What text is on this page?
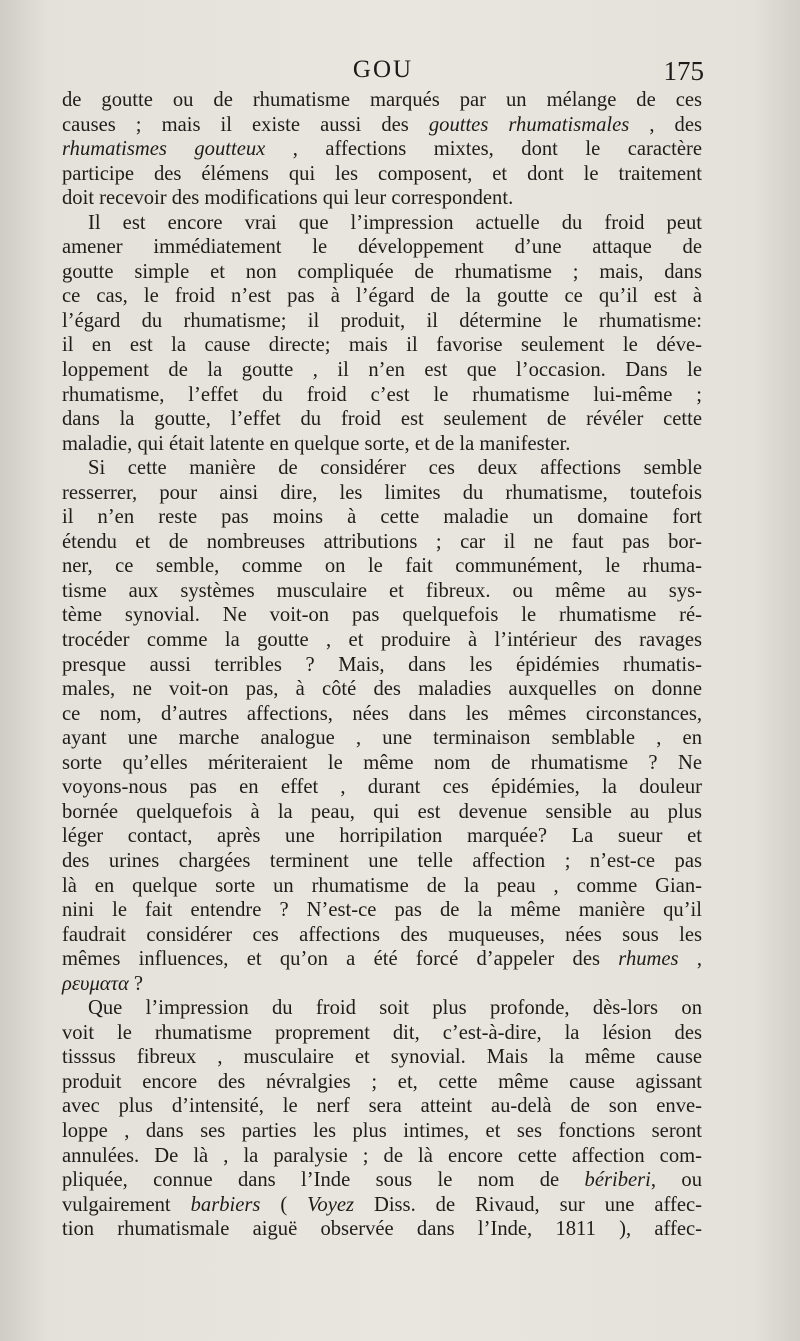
GOU	175
de goutte ou de rhumatisme marqués par un mélange de ces
causes ; mais il existe aussi des gouttes rhumatismales , des
rhumatismes goutteux , affections mixtes, dont le caractère
participe des élémens qui les composent, et dont le traitement
doit recevoir des modifications qui leur correspondent.
Il est encore vrai que l’impression actuelle du froid peut
amener immédiatement le développement d’une attaque de
goutte simple et non compliquée de rhumatisme ; mais, dans
ce cas, le froid n’est pas à l’égard de la goutte ce qu’il est à
l’égard du rhumatisme; il produit, il détermine le rhumatisme:
il en est la cause directe; mais il favorise seulement le déve-
loppement de la goutte , il n’en est que l’occasion. Dans le
rhumatisme, l’effet du froid c’est le rhumatisme lui-même ;
dans la goutte, l’effet du froid est seulement de révéler cette
maladie, qui était latente en quelque sorte, et de la manifester.
Si cette manière de considérer ces deux affections semble
resserrer, pour ainsi dire, les limites du rhumatisme, toutefois
il n’en reste pas moins à cette maladie un domaine fort
étendu et de nombreuses attributions ; car il ne faut pas bor-
ner, ce semble, comme on le fait communément, le rhuma-
tisme aux systèmes musculaire et fibreux. ou même au sys-
tème synovial. Ne voit-on pas quelquefois le rhumatisme ré-
trocéder comme la goutte , et produire à l’intérieur des ravages
presque aussi terribles ? Mais, dans les épidémies rhumatis-
males, ne voit-on pas, à côté des maladies auxquelles on donne
ce nom, d’autres affections, nées dans les mêmes circonstances,
ayant une marche analogue , une terminaison semblable , en
sorte qu’elles mériteraient le même nom de rhumatisme ? Ne
voyons-nous pas en effet , durant ces épidémies, la douleur
bornée quelquefois à la peau, qui est devenue sensible au plus
léger contact, après une horripilation marquée? La sueur et
des urines chargées terminent une telle affection ; n’est-ce pas
là en quelque sorte un rhumatisme de la peau , comme Gian-
nini le fait entendre ? N’est-ce pas de la même manière qu’il
faudrait considérer ces affections des muqueuses, nées sous les
mêmes influences, et qu’on a été forcé d’appeler des rhumes ,
ρευματα ?
Que l’impression du froid soit plus profonde, dès-lors on
voit le rhumatisme proprement dit, c’est-à-dire, la lésion des
tisssus fibreux , musculaire et synovial. Mais la même cause
produit encore des névralgies ; et, cette même cause agissant
avec plus d’intensité, le nerf sera atteint au-delà de son enve-
loppe , dans ses parties les plus intimes, et ses fonctions seront
annulées. De là , la paralysie ; de là encore cette affection com-
pliquée, connue dans l’Inde sous le nom de bériberi, ou
vulgairement barbiers ( Voyez Diss. de Rivaud, sur une affec-
tion rhumatismale aiguë observée dans l’Inde, 1811 ), affec-
